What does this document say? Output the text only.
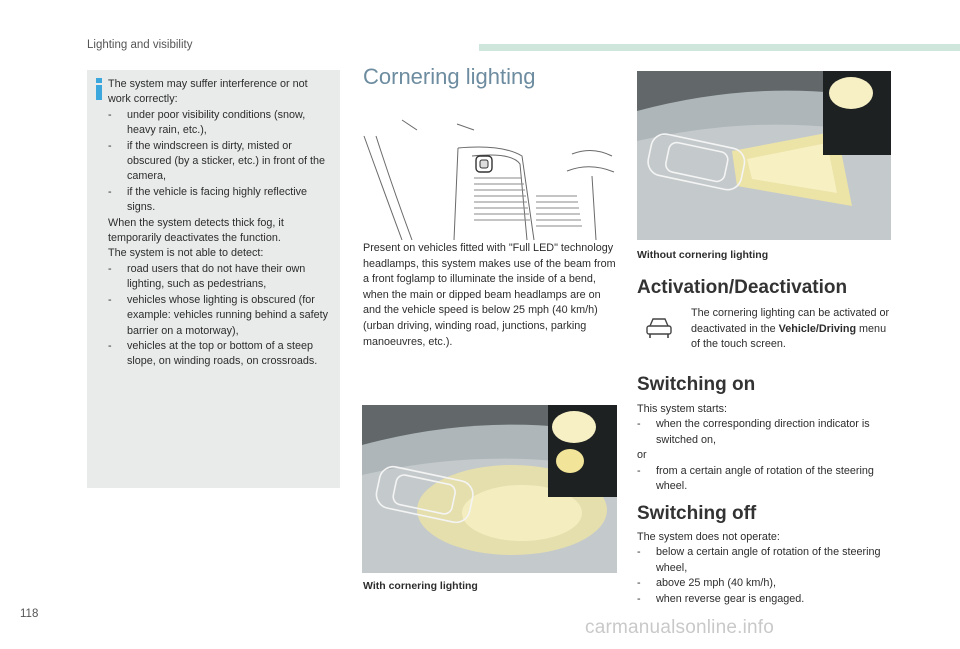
Lighting and visibility

The system may suffer interference or not work correctly:

- under poor visibility conditions (snow, heavy rain, etc.),

- if the windscreen is dirty, misted or obscured (by a sticker, etc.) in front of the camera,

- if the vehicle is facing highly reflective signs.

When the system detects thick fog, it temporarily deactivates the function.

The system is not able to detect:

- road users that do not have their own lighting, such as pedestrians,

- vehicles whose lighting is obscured (for example: vehicles running behind a safety barrier on a motorway),

- vehicles at the top or bottom of a steep slope, on winding roads, on crossroads.

Cornering lighting

Present on vehicles fitted with "Full LED" technology headlamps, this system makes use of the beam from a front foglamp to illuminate the inside of a bend, when the main or dipped beam headlamps are on and the vehicle speed is below 25 mph (40 km/h) (urban driving, winding road, junctions, parking manoeuvres, etc.).

With cornering lighting
Without cornering lighting
Activation/Deactivation
The cornering lighting can be activated or deactivated in the Vehicle/Driving menu of the touch screen.
Switching on

This system starts:

- when the corresponding direction indicator is switched on,

or

- from a certain angle of rotation of the steering wheel.

Switching off

The system does not operate:

- below a certain angle of rotation of the steering wheel,

- above 25 mph (40 km/h),

- when reverse gear is engaged.

118
carmanualsonline.info
